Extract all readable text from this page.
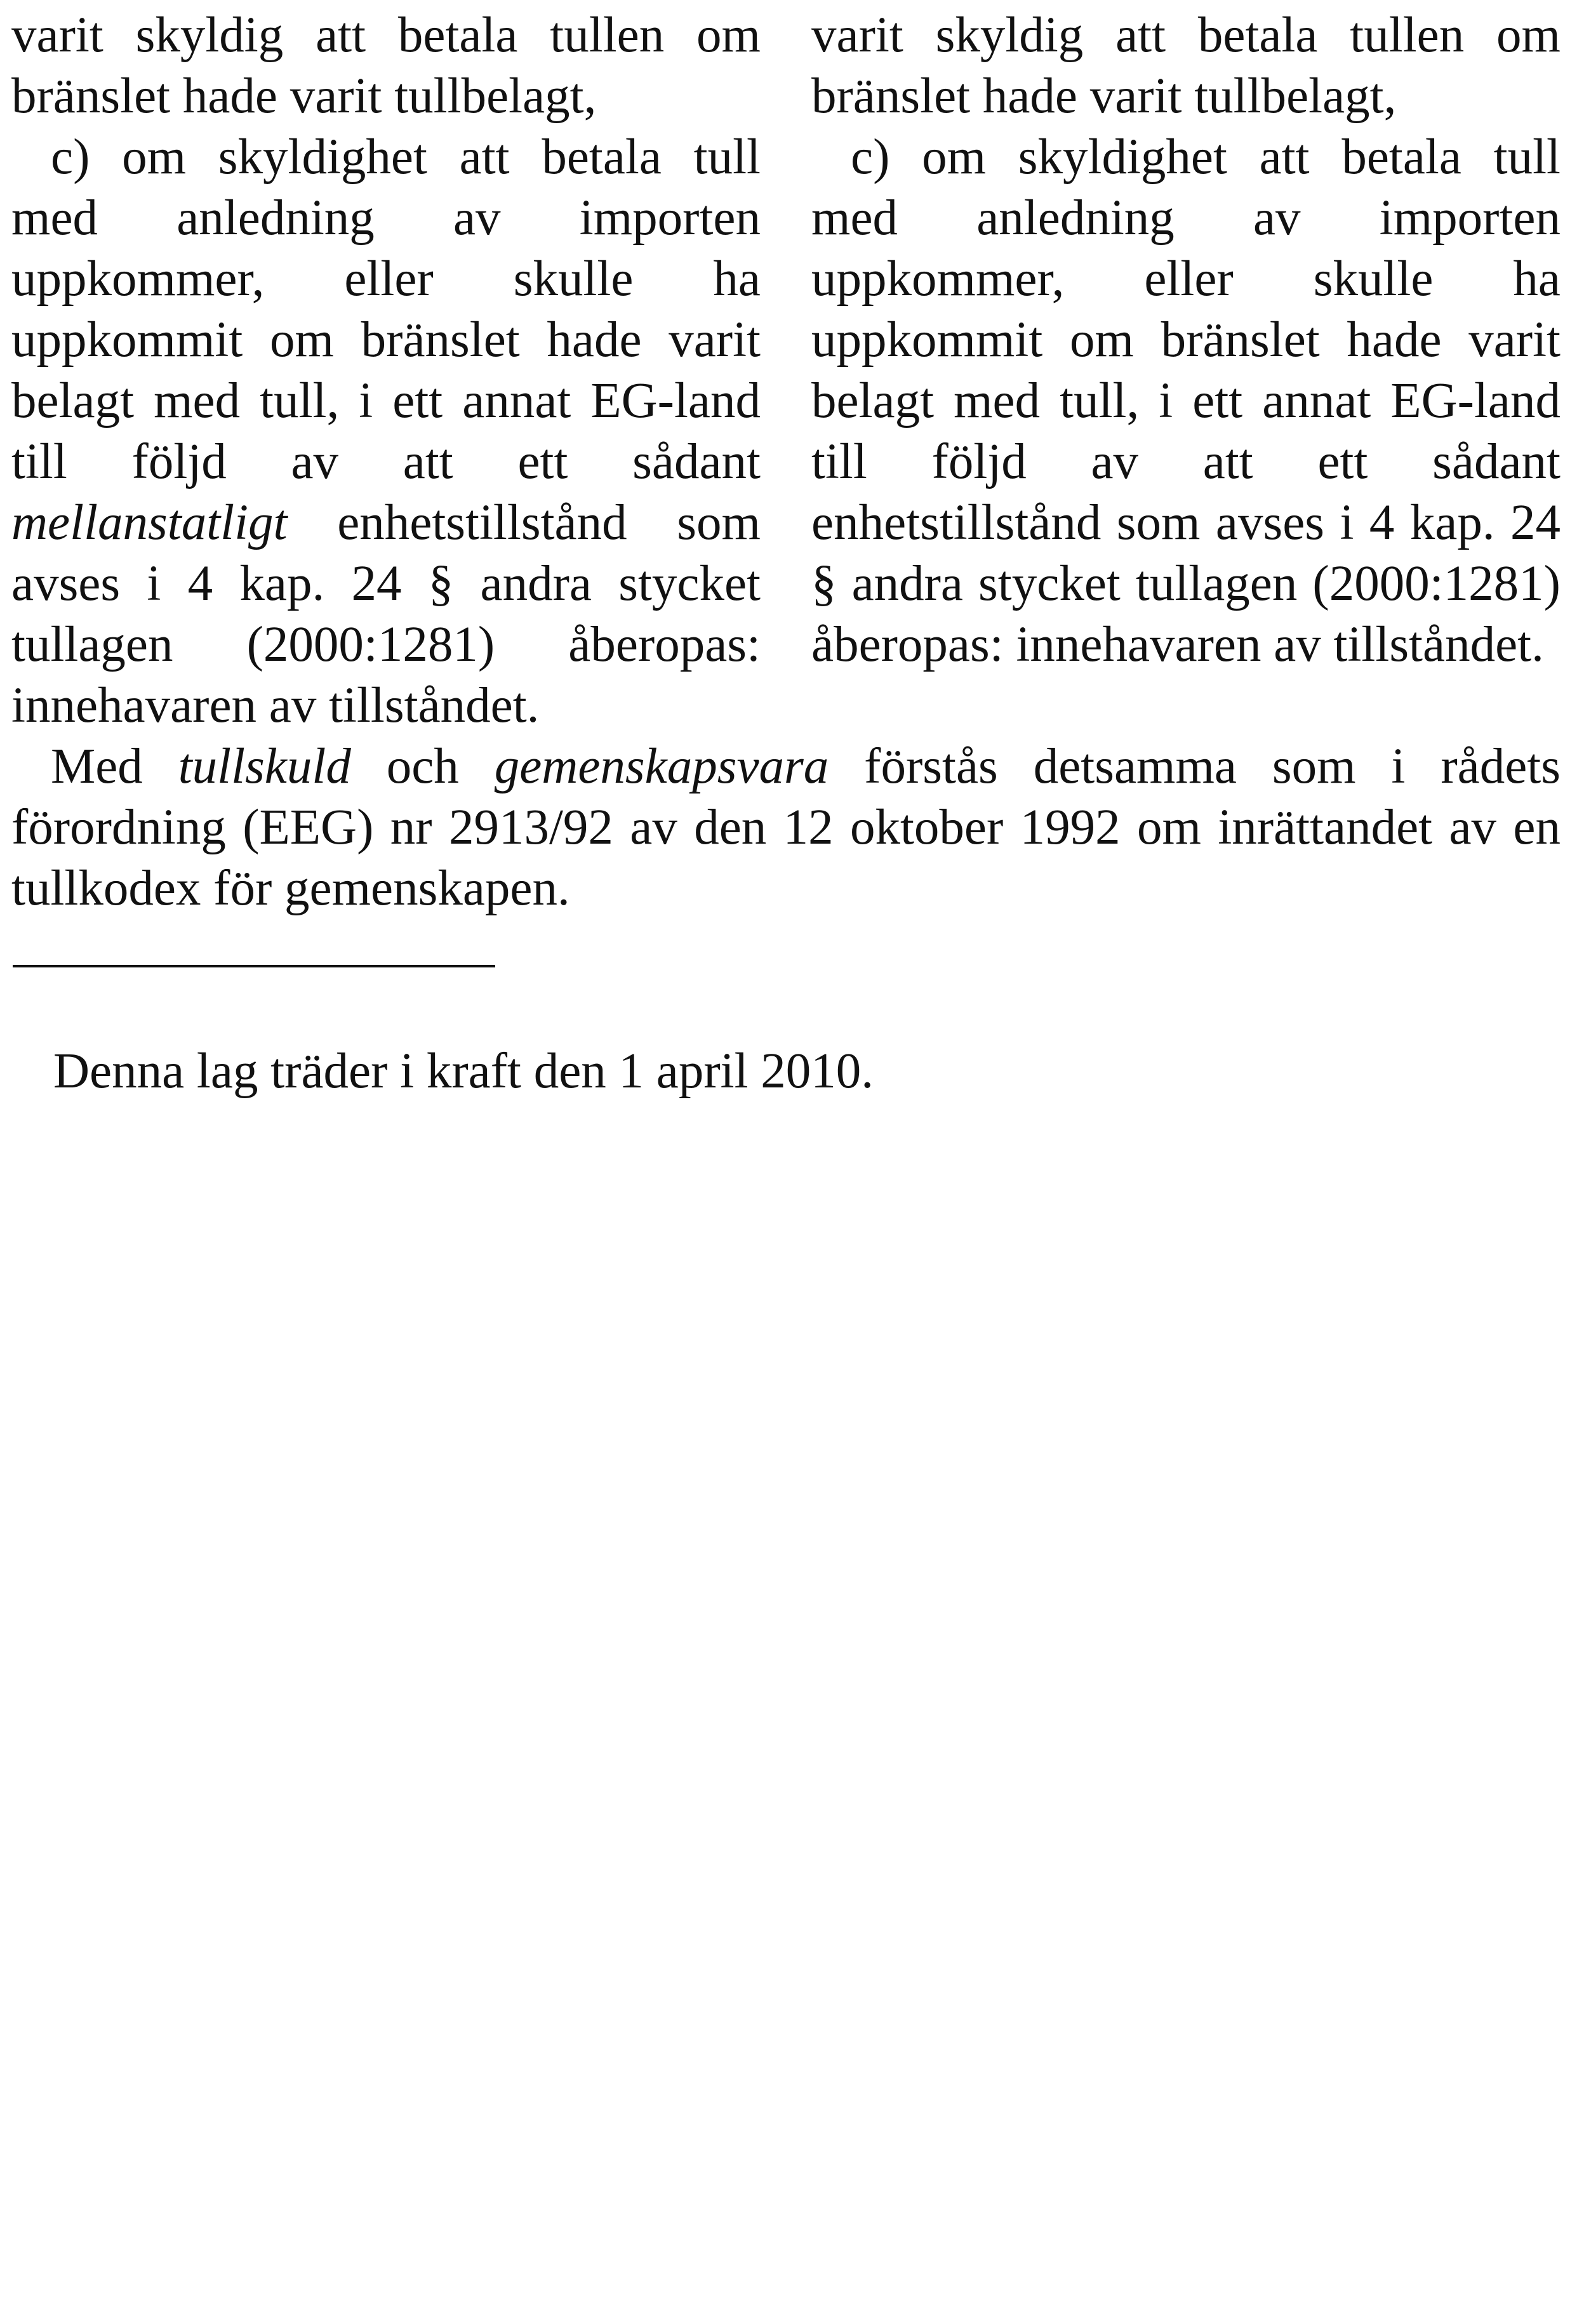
varit skyldig att betala tullen om bränslet hade varit tullbelagt,

c) om skyldighet att betala tull med anledning av importen uppkommer, eller skulle ha uppkommit om bränslet hade varit belagt med tull, i ett annat EG-land till följd av att ett sådant mellanstatligt enhetstillstånd som avses i 4 kap. 24 § andra stycket tullagen (2000:1281) åberopas: innehavaren av tillståndet.

varit skyldig att betala tullen om bränslet hade varit tullbelagt,

c) om skyldighet att betala tull med anledning av importen uppkommer, eller skulle ha uppkommit om bränslet hade varit belagt med tull, i ett annat EG-land till följd av att ett sådant enhetstillstånd som avses i 4 kap. 24 § andra stycket tullagen (2000:1281) åberopas: innehavaren av tillståndet.

Med tullskuld och gemenskapsvara förstås detsamma som i rådets förordning (EEG) nr 2913/92 av den 12 oktober 1992 om inrättandet av en tullkodex för gemenskapen.

Denna lag träder i kraft den 1 april 2010.
